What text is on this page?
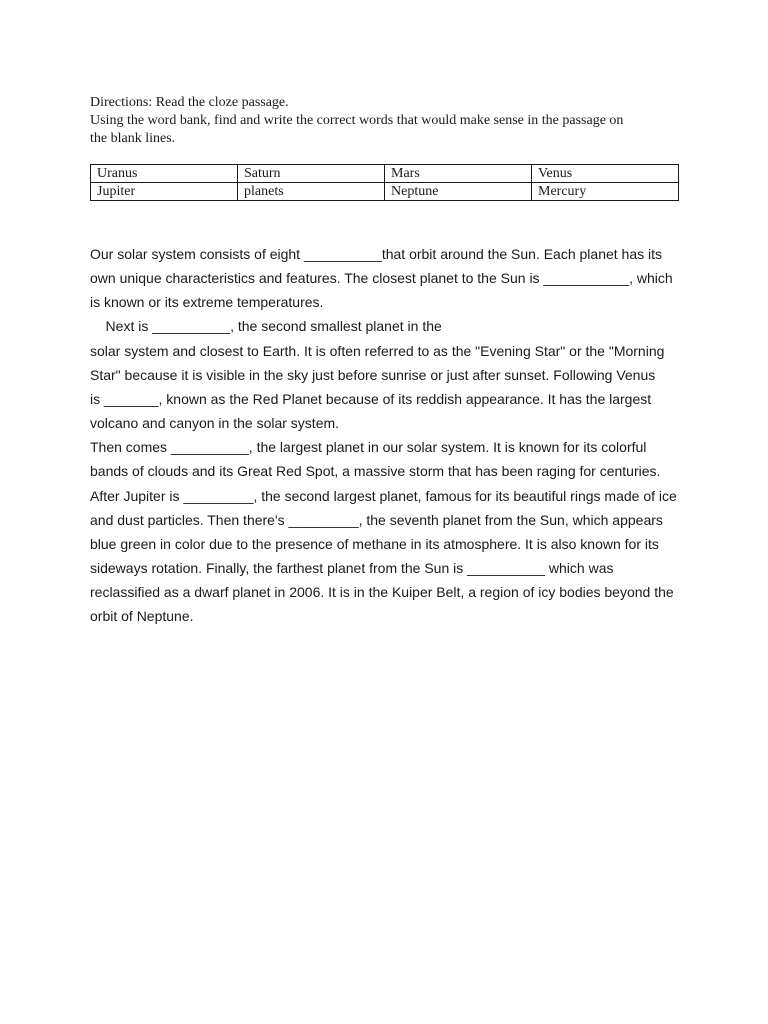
Directions: Read the cloze passage.

Using the word bank, find and write the correct words that would make sense in the passage on

the blank lines.

Uranus	Saturn	Mars	Venus
Jupiter	planets	Neptune	Mercury
Our solar system consists of eight __________that orbit around the Sun. Each planet has its
own unique characteristics and features. The closest planet to the Sun is ___________, which
is known or its extreme temperatures.
Next is __________, the second smallest planet in the
solar system and closest to Earth. It is often referred to as the "Evening Star" or the "Morning
Star" because it is visible in the sky just before sunrise or just after sunset. Following Venus
is _______, known as the Red Planet because of its reddish appearance. It has the largest
volcano and canyon in the solar system.
Then comes __________, the largest planet in our solar system. It is known for its colorful
bands of clouds and its Great Red Spot, a massive storm that has been raging for centuries.
After Jupiter is _________, the second largest planet, famous for its beautiful rings made of ice
and dust particles. Then there's _________, the seventh planet from the Sun, which appears
blue green in color due to the presence of methane in its atmosphere. It is also known for its
sideways rotation. Finally, the farthest planet from the Sun is __________ which was
reclassified as a dwarf planet in 2006. It is in the Kuiper Belt, a region of icy bodies beyond the
orbit of Neptune.
